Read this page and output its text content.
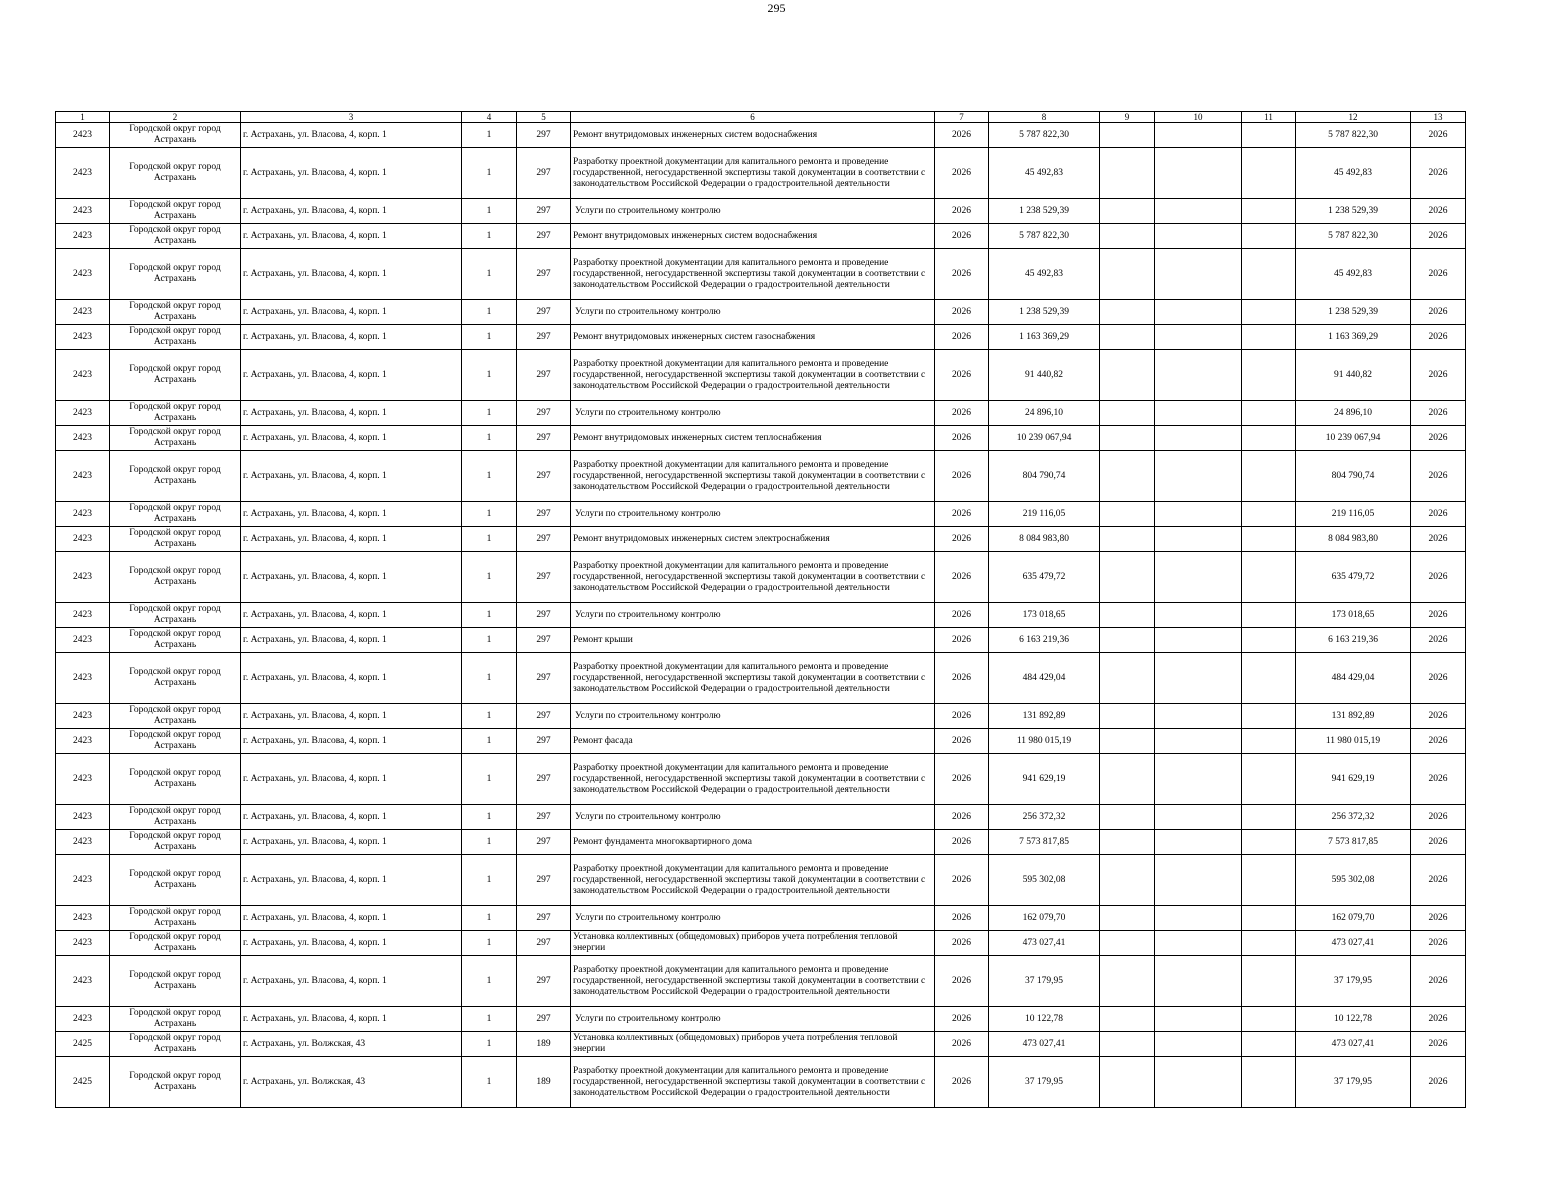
295
1	2	3	4	5	6	7	8	9	10	11	12	13
2423	Городской округ город Астрахань	г. Астрахань, ул. Власова, 4, корп. 1	1	297	Ремонт внутридомовых инженерных систем водоснабжения	2026	5 787 822,30				5 787 822,30	2026
2423	Городской округ город Астрахань	г. Астрахань, ул. Власова, 4, корп. 1	1	297	Разработку проектной документации для капитального ремонта и проведение государственной, негосударственной экспертизы такой документации в соответствии с законодательством Российской Федерации о градостроительной деятельности	2026	45 492,83				45 492,83	2026
2423	Городской округ город Астрахань	г. Астрахань, ул. Власова, 4, корп. 1	1	297	Услуги по строительному контролю	2026	1 238 529,39				1 238 529,39	2026
2423	Городской округ город Астрахань	г. Астрахань, ул. Власова, 4, корп. 1	1	297	Ремонт внутридомовых инженерных систем водоснабжения	2026	5 787 822,30				5 787 822,30	2026
2423	Городской округ город Астрахань	г. Астрахань, ул. Власова, 4, корп. 1	1	297	Разработку проектной документации для капитального ремонта и проведение государственной, негосударственной экспертизы такой документации в соответствии с законодательством Российской Федерации о градостроительной деятельности	2026	45 492,83				45 492,83	2026
2423	Городской округ город Астрахань	г. Астрахань, ул. Власова, 4, корп. 1	1	297	Услуги по строительному контролю	2026	1 238 529,39				1 238 529,39	2026
2423	Городской округ город Астрахань	г. Астрахань, ул. Власова, 4, корп. 1	1	297	Ремонт внутридомовых инженерных систем газоснабжения	2026	1 163 369,29				1 163 369,29	2026
2423	Городской округ город Астрахань	г. Астрахань, ул. Власова, 4, корп. 1	1	297	Разработку проектной документации для капитального ремонта и проведение государственной, негосударственной экспертизы такой документации в соответствии с законодательством Российской Федерации о градостроительной деятельности	2026	91 440,82				91 440,82	2026
2423	Городской округ город Астрахань	г. Астрахань, ул. Власова, 4, корп. 1	1	297	Услуги по строительному контролю	2026	24 896,10				24 896,10	2026
2423	Городской округ город Астрахань	г. Астрахань, ул. Власова, 4, корп. 1	1	297	Ремонт внутридомовых инженерных систем теплоснабжения	2026	10 239 067,94				10 239 067,94	2026
2423	Городской округ город Астрахань	г. Астрахань, ул. Власова, 4, корп. 1	1	297	Разработку проектной документации для капитального ремонта и проведение государственной, негосударственной экспертизы такой документации в соответствии с законодательством Российской Федерации о градостроительной деятельности	2026	804 790,74				804 790,74	2026
2423	Городской округ город Астрахань	г. Астрахань, ул. Власова, 4, корп. 1	1	297	Услуги по строительному контролю	2026	219 116,05				219 116,05	2026
2423	Городской округ город Астрахань	г. Астрахань, ул. Власова, 4, корп. 1	1	297	Ремонт внутридомовых инженерных систем электроснабжения	2026	8 084 983,80				8 084 983,80	2026
2423	Городской округ город Астрахань	г. Астрахань, ул. Власова, 4, корп. 1	1	297	Разработку проектной документации для капитального ремонта и проведение государственной, негосударственной экспертизы такой документации в соответствии с законодательством Российской Федерации о градостроительной деятельности	2026	635 479,72				635 479,72	2026
2423	Городской округ город Астрахань	г. Астрахань, ул. Власова, 4, корп. 1	1	297	Услуги по строительному контролю	2026	173 018,65				173 018,65	2026
2423	Городской округ город Астрахань	г. Астрахань, ул. Власова, 4, корп. 1	1	297	Ремонт крыши	2026	6 163 219,36				6 163 219,36	2026
2423	Городской округ город Астрахань	г. Астрахань, ул. Власова, 4, корп. 1	1	297	Разработку проектной документации для капитального ремонта и проведение государственной, негосударственной экспертизы такой документации в соответствии с законодательством Российской Федерации о градостроительной деятельности	2026	484 429,04				484 429,04	2026
2423	Городской округ город Астрахань	г. Астрахань, ул. Власова, 4, корп. 1	1	297	Услуги по строительному контролю	2026	131 892,89				131 892,89	2026
2423	Городской округ город Астрахань	г. Астрахань, ул. Власова, 4, корп. 1	1	297	Ремонт фасада	2026	11 980 015,19				11 980 015,19	2026
2423	Городской округ город Астрахань	г. Астрахань, ул. Власова, 4, корп. 1	1	297	Разработку проектной документации для капитального ремонта и проведение государственной, негосударственной экспертизы такой документации в соответствии с законодательством Российской Федерации о градостроительной деятельности	2026	941 629,19				941 629,19	2026
2423	Городской округ город Астрахань	г. Астрахань, ул. Власова, 4, корп. 1	1	297	Услуги по строительному контролю	2026	256 372,32				256 372,32	2026
2423	Городской округ город Астрахань	г. Астрахань, ул. Власова, 4, корп. 1	1	297	Ремонт фундамента многоквартирного дома	2026	7 573 817,85				7 573 817,85	2026
2423	Городской округ город Астрахань	г. Астрахань, ул. Власова, 4, корп. 1	1	297	Разработку проектной документации для капитального ремонта и проведение государственной, негосударственной экспертизы такой документации в соответствии с законодательством Российской Федерации о градостроительной деятельности	2026	595 302,08				595 302,08	2026
2423	Городской округ город Астрахань	г. Астрахань, ул. Власова, 4, корп. 1	1	297	Услуги по строительному контролю	2026	162 079,70				162 079,70	2026
2423	Городской округ город Астрахань	г. Астрахань, ул. Власова, 4, корп. 1	1	297	Установка коллективных (общедомовых) приборов учета потребления тепловой энергии	2026	473 027,41				473 027,41	2026
2423	Городской округ город Астрахань	г. Астрахань, ул. Власова, 4, корп. 1	1	297	Разработку проектной документации для капитального ремонта и проведение государственной, негосударственной экспертизы такой документации в соответствии с законодательством Российской Федерации о градостроительной деятельности	2026	37 179,95				37 179,95	2026
2423	Городской округ город Астрахань	г. Астрахань, ул. Власова, 4, корп. 1	1	297	Услуги по строительному контролю	2026	10 122,78				10 122,78	2026
2425	Городской округ город Астрахань	г. Астрахань, ул. Волжская, 43	1	189	Установка коллективных (общедомовых) приборов учета потребления тепловой энергии	2026	473 027,41				473 027,41	2026
2425	Городской округ город Астрахань	г. Астрахань, ул. Волжская, 43	1	189	Разработку проектной документации для капитального ремонта и проведение государственной, негосударственной экспертизы такой документации в соответствии с законодательством Российской Федерации о градостроительной деятельности	2026	37 179,95				37 179,95	2026
